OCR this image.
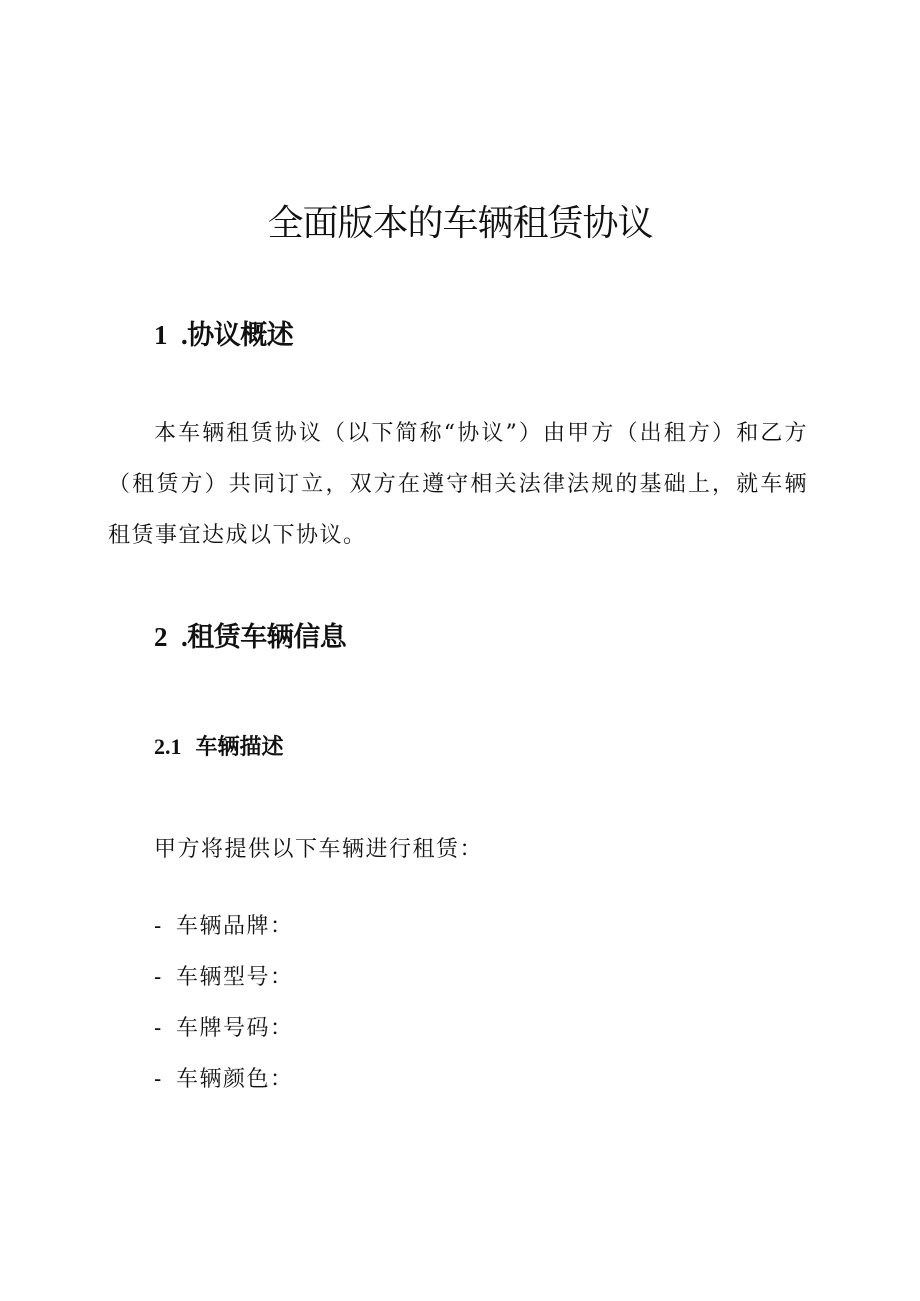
全面版本的车辆租赁协议
1 .协议概述

本车辆租赁协议（以下简称“协议”）由甲方（出租方）和乙方（租赁方）共同订立，双方在遵守相关法律法规的基础上，就车辆租赁事宜达成以下协议。

2 .租赁车辆信息
2.1 车辆描述

甲方将提供以下车辆进行租赁：

- 车辆品牌：
- 车辆型号：
- 车牌号码：
- 车辆颜色：
